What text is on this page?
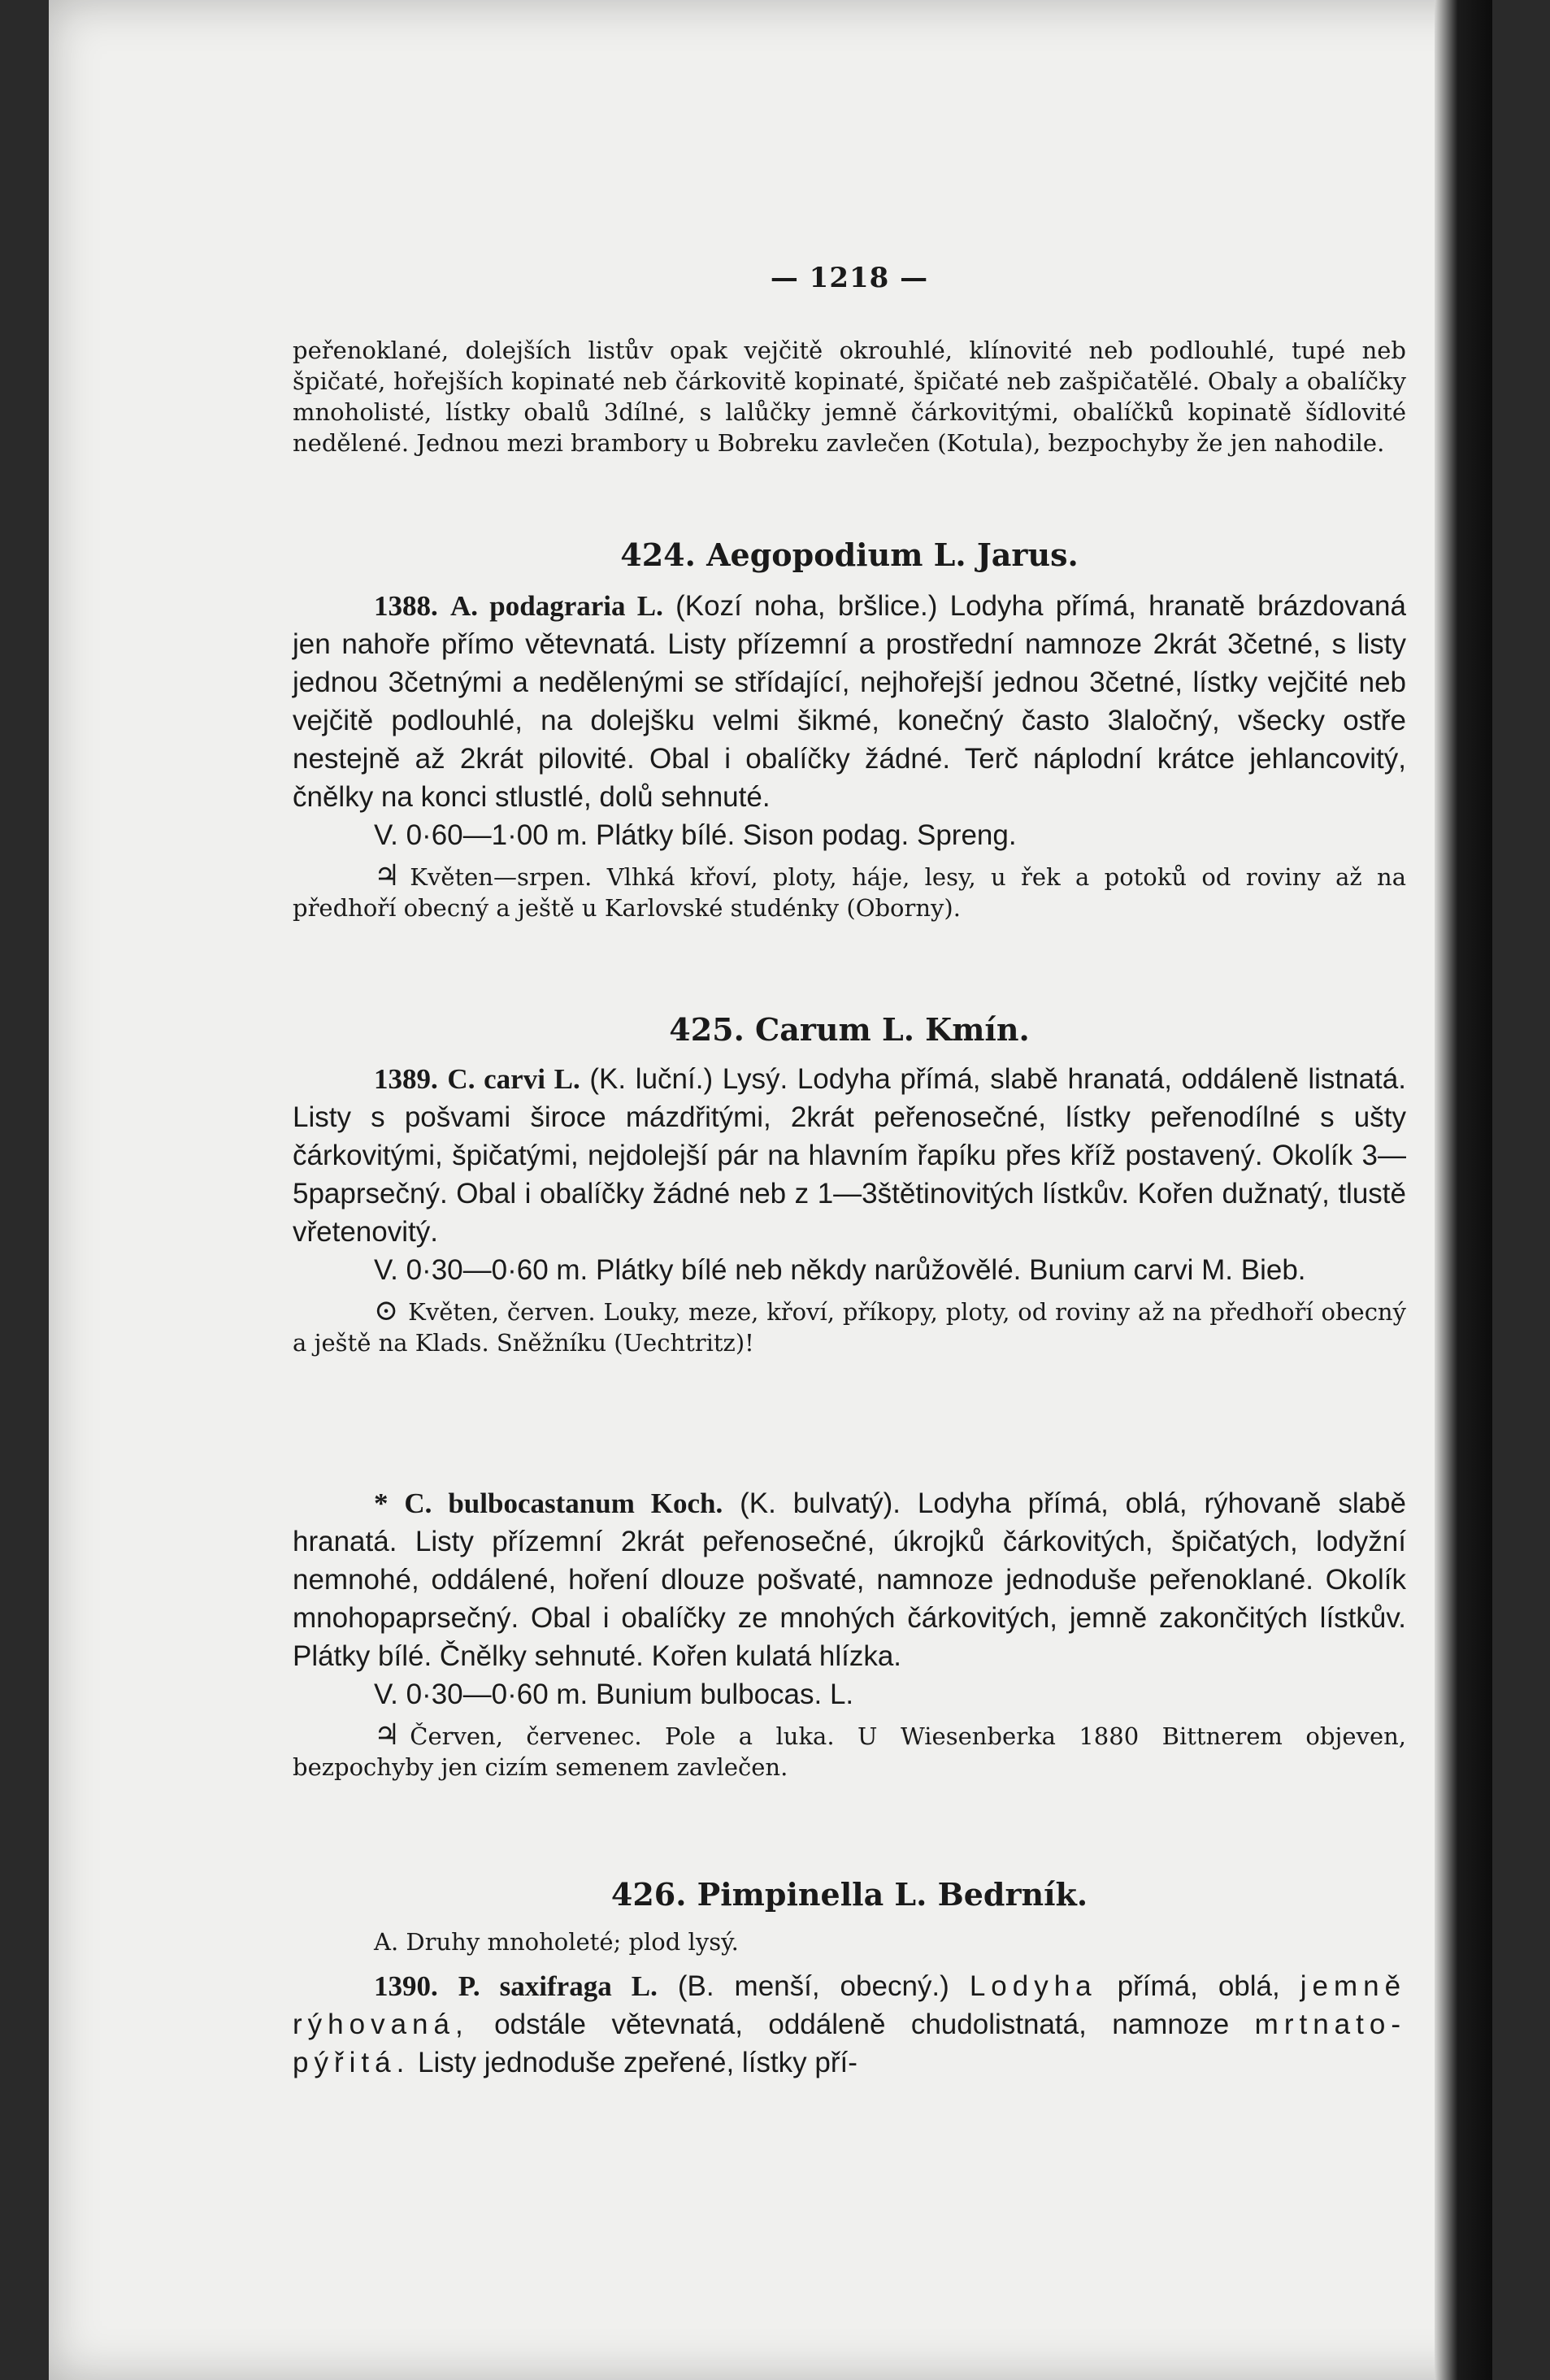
— 1218 —

peřenoklané, dolejších listův opak vejčitě okrouhlé, klínovité neb podlouhlé, tupé neb špičaté, hořejších kopinaté neb čárkovitě kopinaté, špičaté neb zašpičatělé. Obaly a obalíčky mnoholisté, lístky obalů 3dílné, s lalůčky jemně čárkovitými, obalíčků kopinatě šídlovité nedělené. Jednou mezi brambory u Bobreku zavlečen (Kotula), bezpochyby že jen nahodile.

424. Aegopodium L. Jarus.

1388. A. podagraria L. (Kozí noha, bršlice.) Lodyha přímá, hranatě brázdovaná jen nahoře přímo větevnatá. Listy přízemní a prostřední namnoze 2krát 3četné, s listy jednou 3četnými a nedělenými se střídající, nejhořejší jednou 3četné, lístky vejčité neb vejčitě podlouhlé, na dolejšku velmi šikmé, konečný často 3laločný, všecky ostře nestejně až 2krát pilovité. Obal i obalíčky žádné. Terč náplodní krátce jehlancovitý, čnělky na konci stlustlé, dolů sehnuté.

V. 0·60—1·00 m. Plátky bílé. Sison podag. Spreng.

♃ Květen—srpen. Vlhká křoví, ploty, háje, lesy, u řek a potoků od roviny až na předhoří obecný a ještě u Karlovské studénky (Oborny).

425. Carum L. Kmín.

1389. C. carvi L. (K. luční.) Lysý. Lodyha přímá, slabě hranatá, oddáleně listnatá. Listy s pošvami široce mázdřitými, 2krát peřenosečné, lístky peřenodílné s ušty čárkovitými, špičatými, nejdolejší pár na hlavním řapíku přes kříž postavený. Okolík 3—5paprsečný. Obal i obalíčky žádné neb z 1—3štětinovitých lístkův. Kořen dužnatý, tlustě vřetenovitý.

V. 0·30—0·60 m. Plátky bílé neb někdy narůžovělé. Bunium carvi M. Bieb.

⊙ Květen, červen. Louky, meze, křoví, příkopy, ploty, od roviny až na předhoří obecný a ještě na Klads. Sněžníku (Uechtritz)!

* C. bulbocastanum Koch. (K. bulvatý). Lodyha přímá, oblá, rýhovaně slabě hranatá. Listy přízemní 2krát peřenosečné, úkrojků čárkovitých, špičatých, lodyžní nemnohé, oddálené, hoření dlouze pošvaté, namnoze jednoduše peřenoklané. Okolík mnohopaprsečný. Obal i obalíčky ze mnohých čárkovitých, jemně zakončitých lístkův. Plátky bílé. Čnělky sehnuté. Kořen kulatá hlízka.

V. 0·30—0·60 m. Bunium bulbocas. L.

♃ Červen, červenec. Pole a luka. U Wiesenberka 1880 Bittnerem objeven, bezpochyby jen cizím semenem zavlečen.

426. Pimpinella L. Bedrník.

A. Druhy mnoholeté; plod lysý.

1390. P. saxifraga L. (B. menší, obecný.) Lodyha přímá, oblá, jemně rýhovaná, odstále větevnatá, oddáleně chudolistnatá, namnoze mrtnato-pýřitá. Listy jednoduše zpeřené, lístky pří-
